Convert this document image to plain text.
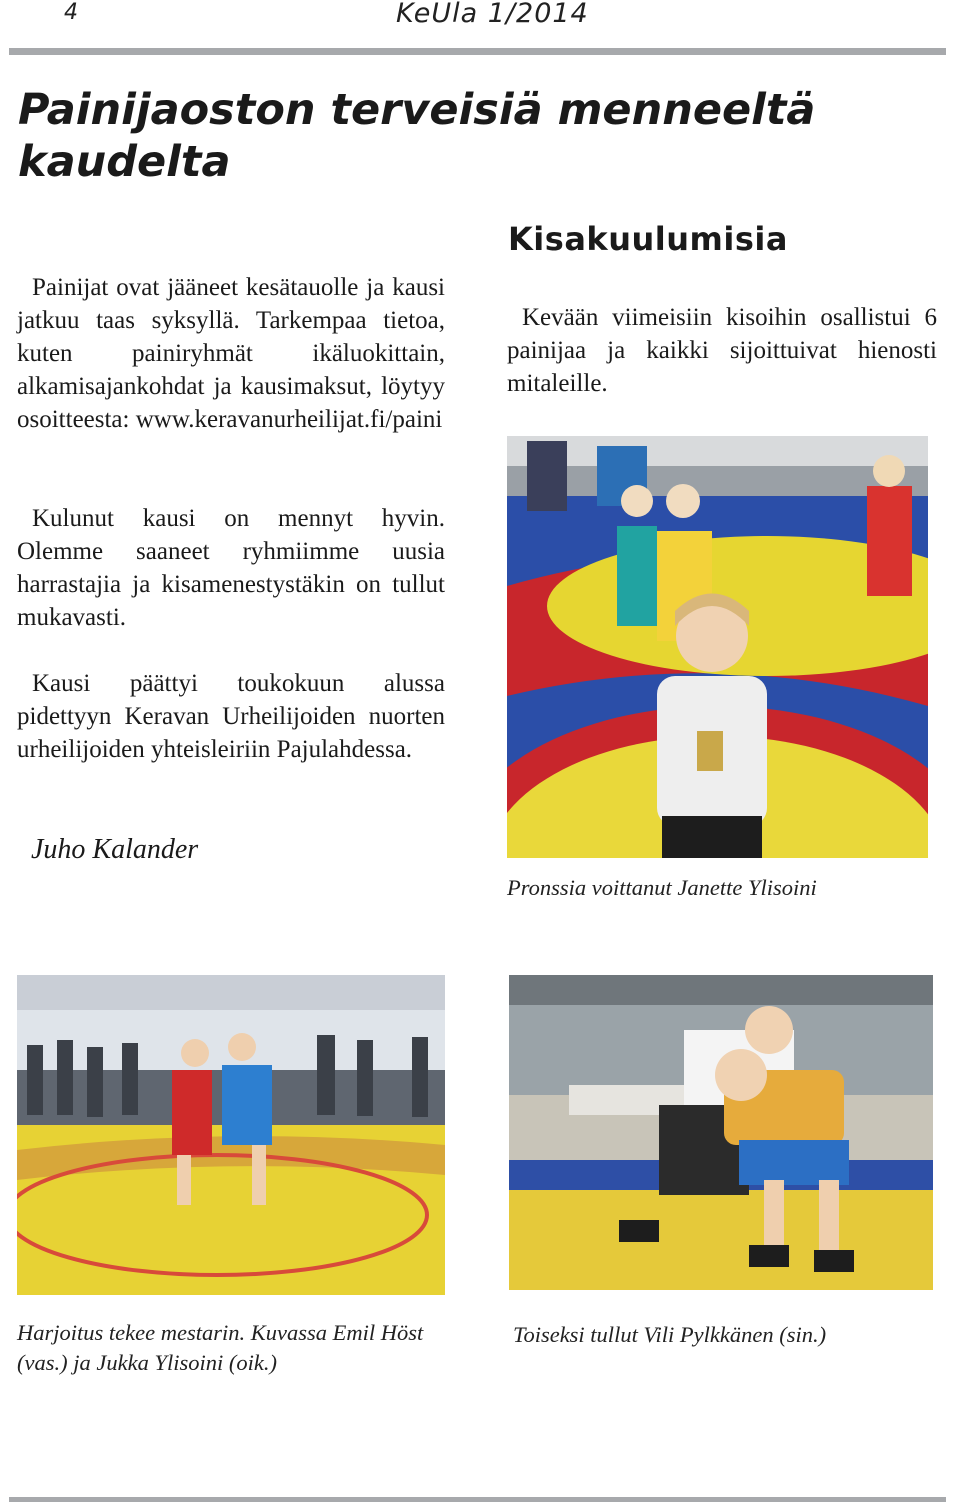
4	KeUla 1/2014
Painijaoston terveisiä menneeltä kaudelta

Painijat ovat jääneet kesätauolle ja kausi jatkuu taas syksyllä. Tarkempaa tietoa, kuten painiryhmät ikäluokittain, alkamisajankohdat ja kausimaksut, löytyy osoitteesta: www.keravanurheilijat.fi/paini

Kulunut kausi on mennyt hyvin. Olemme saaneet ryhmiimme uusia harrastajia ja kisamenestystäkin on tullut mukavasti.

Kausi päättyi toukokuun alussa pidettyyn Keravan Urheilijoiden nuorten urheilijoiden yhteisleiriin Pajulahdessa.

Juho Kalander
Kisakuulumisia

Kevään viimeisiin kisoihin osallistui 6 painijaa ja kaikki sijoittuivat hienosti mitaleille.

Pronssia voittanut Janette Ylisoini
Harjoitus tekee mestarin. Kuvassa Emil Höst (vas.) ja Jukka Ylisoini (oik.)
Toiseksi tullut Vili Pylkkänen (sin.)
